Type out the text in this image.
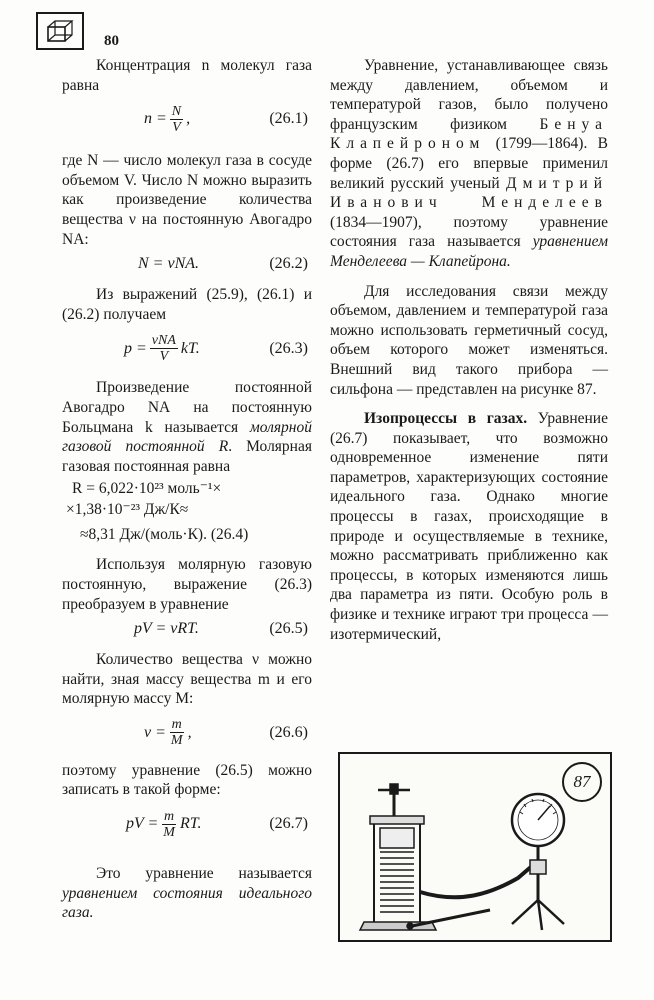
80

Концентрация n молекул газа равна

$n = \frac{N}{V}$ ,	(26.1)

где N — число молекул газа в сосуде объемом V. Число N можно выразить как произведение количества вещества ν на постоянную Авогадро NА:

N = νNА.	(26.2)

Из выражений (25.9), (26.1) и (26.2) получаем

$p = \frac{\text{νNА}}{V}$ kT.	(26.3)

Произведение постоянной Авогадро NА на постоянную Больцмана k называется молярной газовой постоянной R. Молярная газовая постоянная равна

R = 6,022·10²³ моль⁻¹×
×1,38·10⁻²³ Дж/К≈
≈8,31 Дж/(моль·К). (26.4)

Используя молярную газовую постоянную, выражение (26.3) преобразуем в уравнение

pV = νRT.	(26.5)

Количество вещества ν можно найти, зная массу вещества m и его молярную массу M:

$\nu = \frac{m}{M}$ ,	(26.6)

поэтому уравнение (26.5) можно записать в такой форме:

pV = $\frac{m}{M}$ RT.	(26.7)

Это уравнение называется уравнением состояния идеального газа.

Уравнение, устанавливающее связь между давлением, объемом и температурой газов, было получено французским физиком Бенуа Клапейроном (1799—1864). В форме (26.7) его впервые применил великий русский ученый Дмитрий Иванович Менделеев (1834—1907), поэтому уравнение состояния газа называется уравнением Менделеева — Клапейрона.

Для исследования связи между объемом, давлением и температурой газа можно использовать герметичный сосуд, объем которого может изменяться. Внешний вид такого прибора — сильфона — представлен на рисунке 87.

Изопроцессы в газах. Уравнение (26.7) показывает, что возможно одновременное изменение пяти параметров, характеризующих состояние идеального газа. Однако многие процессы в газах, происходящие в природе и осуществляемые в технике, можно рассматривать приближенно как процессы, в которых изменяются лишь два параметра из пяти. Особую роль в физике и технике играют три процесса — изотермический,

87
